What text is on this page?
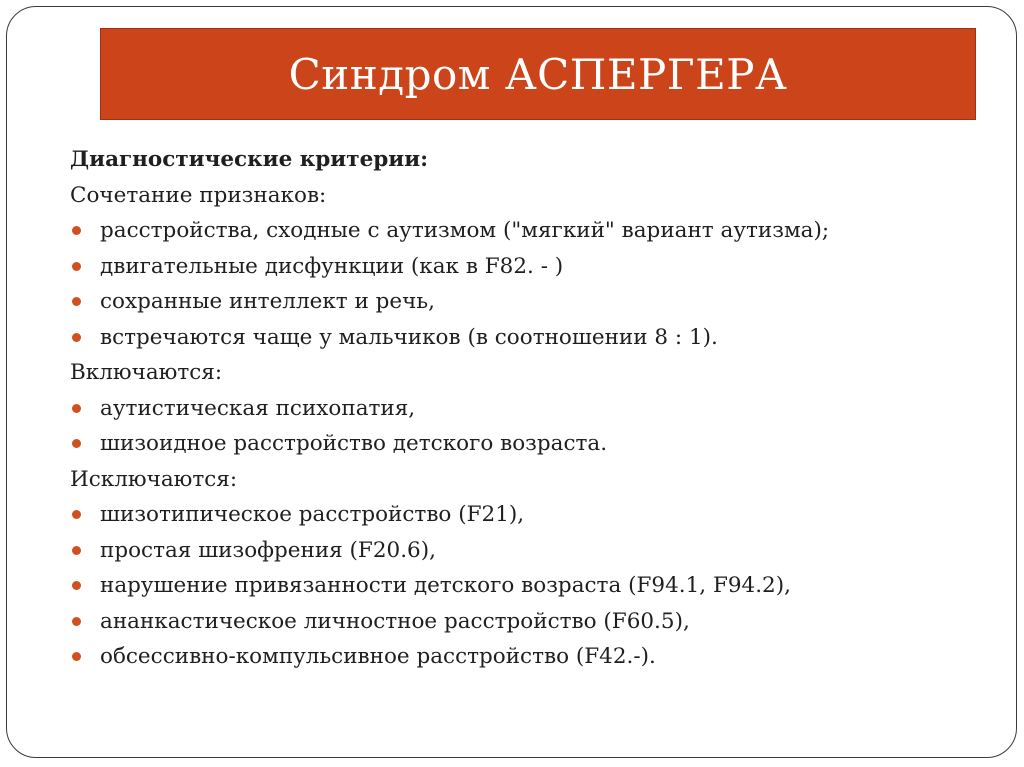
Синдром АСПЕРГЕРА
Диагностические критерии:
Сочетание признаков:
расстройства, сходные с аутизмом ("мягкий" вариант аутизма);
двигательные дисфункции (как в F82. - )
сохранные интеллект и речь,
встречаются чаще у мальчиков (в соотношении 8 : 1).
Включаются:
аутистическая психопатия,
шизоидное расстройство детского возраста.
Исключаются:
шизотипическое расстройство (F21),
простая шизофрения (F20.6),
нарушение привязанности детского возраста (F94.1, F94.2),
ананкастическое личностное расстройство (F60.5),
обсессивно-компульсивное расстройство (F42.-).
